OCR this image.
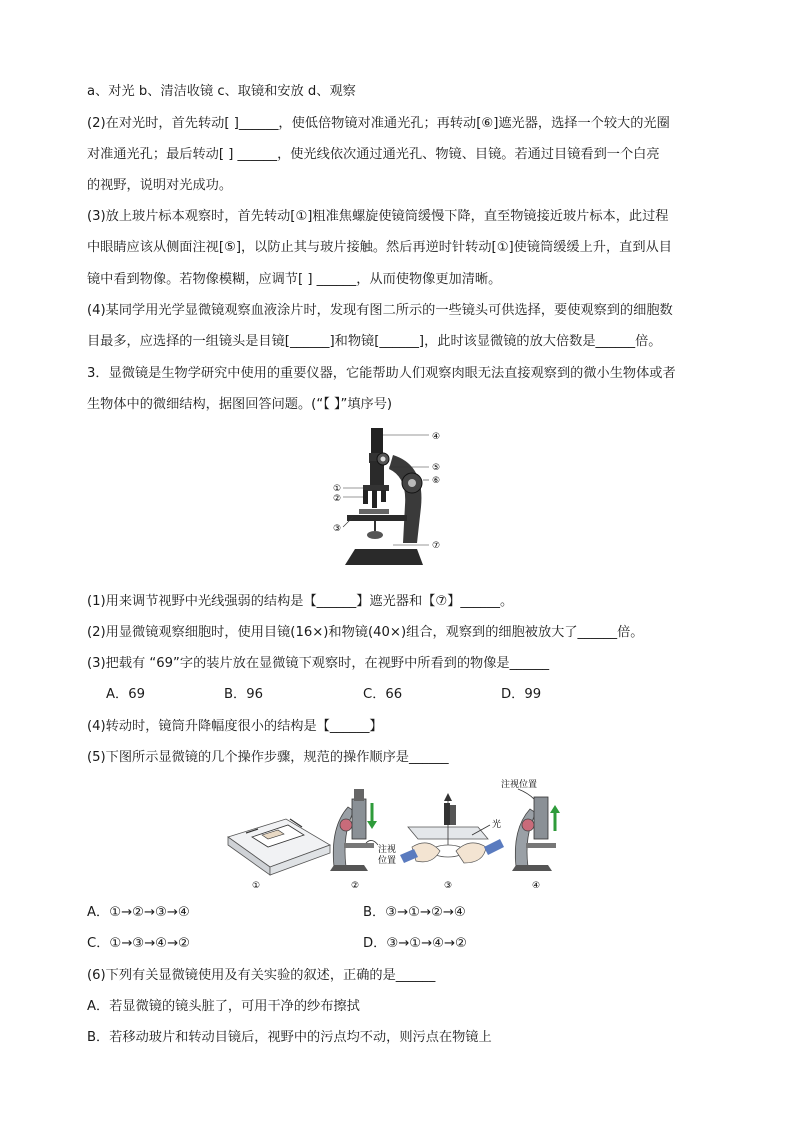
a、对光 b、清洁收镜 c、取镜和安放 d、观察
(2)在对光时，首先转动[ ]______，使低倍物镜对准通光孔；再转动[⑥]遮光器，选择一个较大的光圈
对准通光孔；最后转动[ ] ______，使光线依次通过通光孔、物镜、目镜。若通过目镜看到一个白亮
的视野，说明对光成功。
(3)放上玻片标本观察时，首先转动[①]粗准焦螺旋使镜筒缓慢下降，直至物镜接近玻片标本，此过程
中眼睛应该从侧面注视[⑤]，以防止其与玻片接触。然后再逆时针转动[①]使镜筒缓缓上升，直到从目
镜中看到物像。若物像模糊，应调节[ ] ______，从而使物像更加清晰。
(4)某同学用光学显微镜观察血液涂片时，发现有图二所示的一些镜头可供选择，要使观察到的细胞数
目最多，应选择的一组镜头是目镜[______]和物镜[______]，此时该显微镜的放大倍数是______倍。
3．显微镜是生物学研究中使用的重要仪器，它能帮助人们观察肉眼无法直接观察到的微小生物体或者
生物体中的微细结构，据图回答问题。(“【 】”填序号)
④
⑤
⑥
①
②
③
⑦
(1)用来调节视野中光线强弱的结构是【______】遮光器和【⑦】______。
(2)用显微镜观察细胞时，使用目镜(16×)和物镜(40×)组合，观察到的细胞被放大了______倍。
(3)把载有 “69”字的装片放在显微镜下观察时，在视野中所看到的物像是______
A．69	B．96	C．66	D．99
(4)转动时，镜筒升降幅度很小的结构是【______】
(5)下图所示显微镜的几个操作步骤，规范的操作顺序是______
①
注视
位置
②
光
③
注视位置
④
A．①→②→③→④	B．③→①→②→④
C．①→③→④→②	D．③→①→④→②
(6)下列有关显微镜使用及有关实验的叙述，正确的是______
A．若显微镜的镜头脏了，可用干净的纱布擦拭
B．若移动玻片和转动目镜后，视野中的污点均不动，则污点在物镜上
